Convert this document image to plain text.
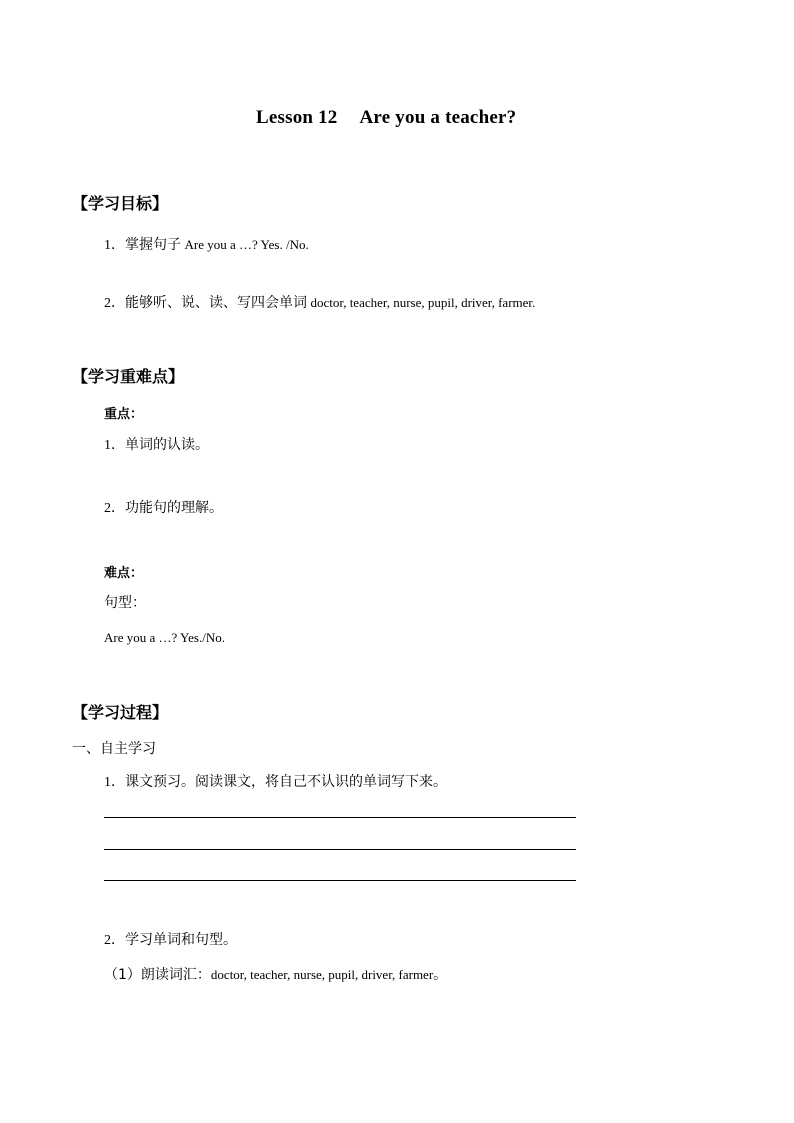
Lesson 12 Are you a teacher?
【学习目标】
1．掌握句子 Are you a …? Yes. /No.
2．能够听、说、读、写四会单词 doctor, teacher, nurse, pupil, driver, farmer.
【学习重难点】
重点：
1．单词的认读。
2．功能句的理解。
难点：
句型：
Are you a …? Yes./No.
【学习过程】
一、自主学习
1．课文预习。阅读课文，将自己不认识的单词写下来。
2．学习单词和句型。
（1）朗读词汇：doctor, teacher, nurse, pupil, driver, farmer。
